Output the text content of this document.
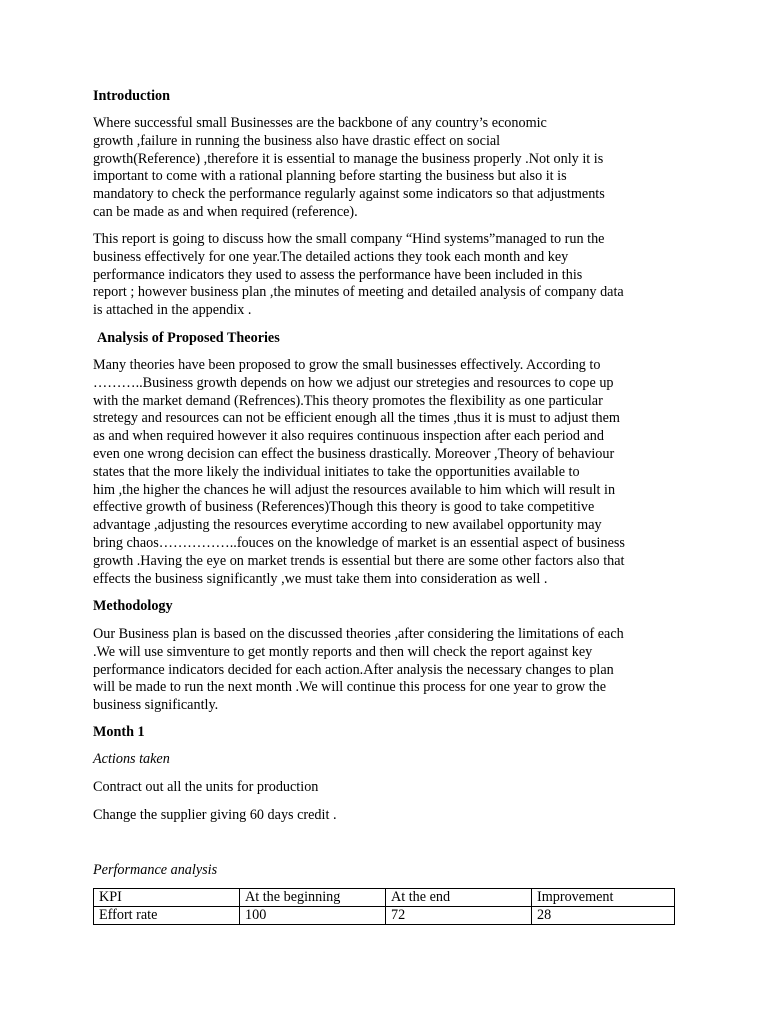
Introduction
Where successful small Businesses are the backbone of any country’s economic
growth ,failure in running the business also have drastic effect on social
growth(Reference) ,therefore it is essential to manage the business properly .Not only it is
important to come with a rational planning before starting the business but also it is
mandatory to check the performance regularly against some indicators so that adjustments
can be made as and when required (reference).
This report is going to discuss how the small company “Hind systems”managed to run the
business effectively for one year.The detailed actions they took each month and key
performance indicators they used to assess the performance have been included in this
report ; however business plan ,the minutes of meeting and detailed analysis of company data
is attached in the appendix .
Analysis of Proposed Theories
Many theories have been proposed to grow the small businesses effectively. According to
………..Business growth depends on how we adjust our stretegies and resources to cope up
with the market demand (Refrences).This theory promotes the flexibility as one particular
stretegy and resources can not be efficient enough all the times ,thus it is must to adjust them
as and when required however it also requires continuous inspection after each period and
even one wrong decision can effect the business drastically. Moreover ,Theory of behaviour
states that the more likely the individual initiates to take the opportunities available to
him ,the higher the chances he will adjust the resources available to him which will result in
effective growth of business (References)Though this theory is good to take competitive
advantage ,adjusting the resources everytime according to new availabel opportunity may
bring chaos……………..fouces on the knowledge of market is an essential aspect of business
growth .Having the eye on market trends is essential but there are some other factors also that
effects the business significantly ,we must take them into consideration as well .
Methodology
Our Business plan is based on the discussed theories ,after considering the limitations of each
.We will use simventure to get montly reports and then will check the report against key
performance indicators decided for each action.After analysis the necessary changes to plan
will be made to run the next month .We will continue this process for one year to grow the
business significantly.
Month 1
Actions taken
Contract out all the units for production
Change the supplier giving 60 days credit .
Performance analysis
KPI	At the beginning	At the end	Improvement
Effort rate	100	72	28
